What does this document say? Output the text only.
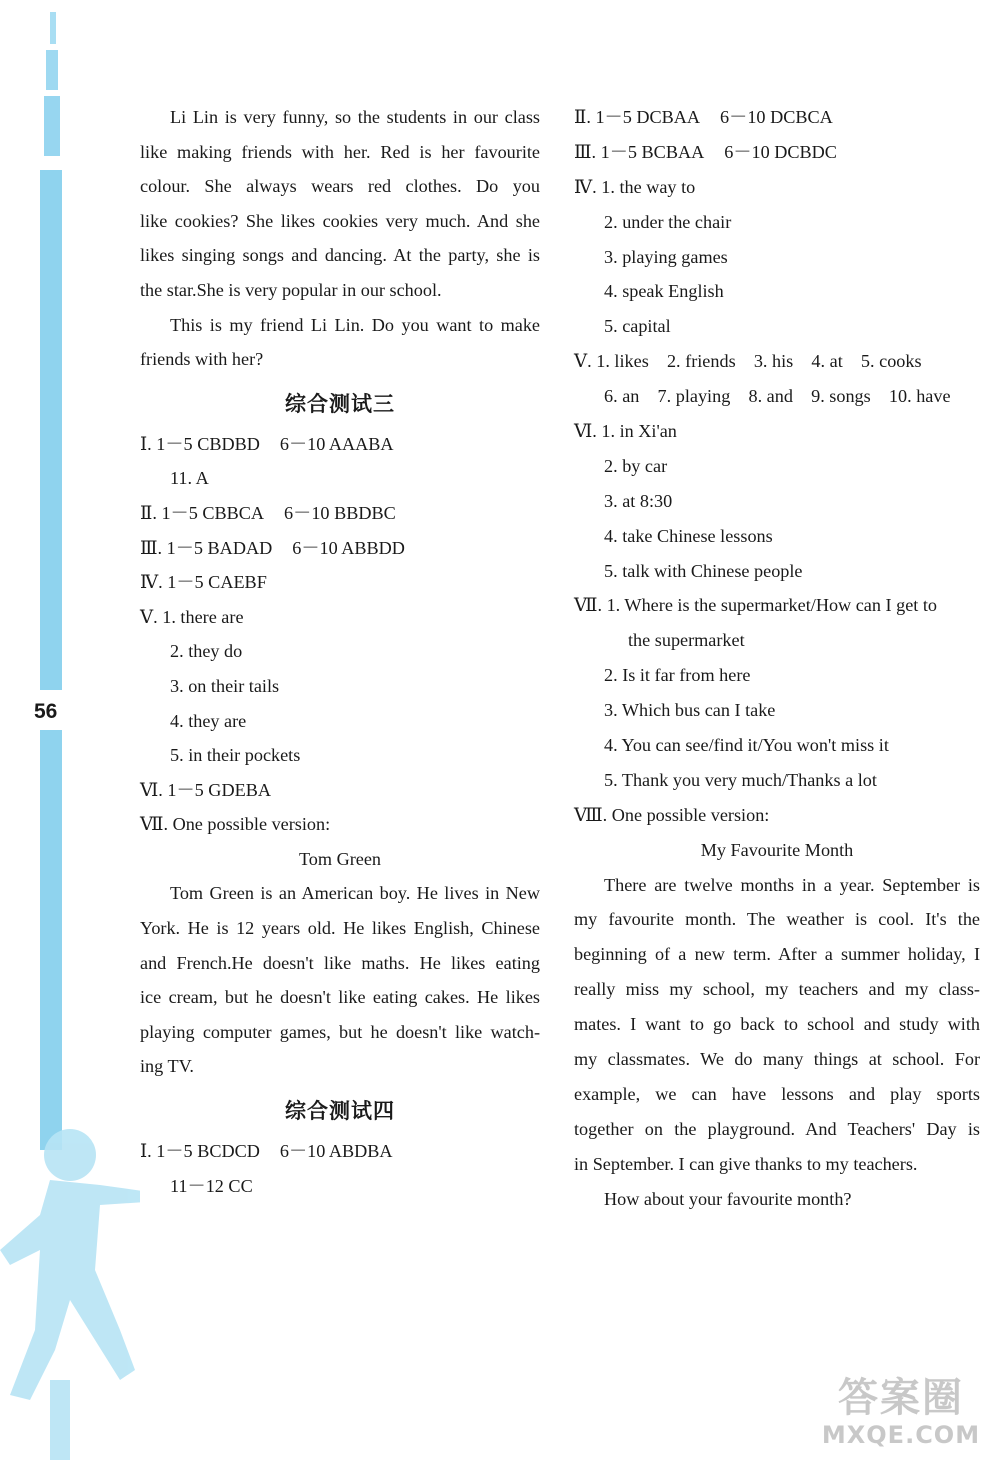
56
Li Lin is very funny, so the students in our class
like making friends with her. Red is her favourite
colour. She always wears red clothes. Do you
like cookies? She likes cookies very much. And she
likes singing songs and dancing. At the party, she is
the star.She is very popular in our school.
This is my friend Li Lin. Do you want to make
friends with her?
综合测试三
Ⅰ. 1－5 CBDBD 6－10 AAABA
11. A
Ⅱ. 1－5 CBBCA 6－10 BBDBC
Ⅲ. 1－5 BADAD 6－10 ABBDD
Ⅳ. 1－5 CAEBF
Ⅴ. 1. there are
2. they do
3. on their tails
4. they are
5. in their pockets
Ⅵ. 1－5 GDEBA
Ⅶ. One possible version:
Tom Green
Tom Green is an American boy. He lives in New
York. He is 12 years old. He likes English, Chinese
and French.He doesn't like maths. He likes eating
ice cream, but he doesn't like eating cakes. He likes
playing computer games, but he doesn't like watch-
ing TV.
综合测试四
Ⅰ. 1－5 BCDCD 6－10 ABDBA
11－12 CC
Ⅱ. 1－5 DCBAA 6－10 DCBCA
Ⅲ. 1－5 BCBAA 6－10 DCBDC
Ⅳ. 1. the way to
2. under the chair
3. playing games
4. speak English
5. capital
Ⅴ. 1. likes　2. friends　3. his　4. at　5. cooks
6. an　7. playing　8. and　9. songs　10. have
Ⅵ. 1. in Xi'an
2. by car
3. at 8:30
4. take Chinese lessons
5. talk with Chinese people
Ⅶ. 1. Where is the supermarket/How can I get to
the supermarket
2. Is it far from here
3. Which bus can I take
4. You can see/find it/You won't miss it
5. Thank you very much/Thanks a lot
Ⅷ. One possible version:
My Favourite Month
There are twelve months in a year. September is
my favourite month. The weather is cool. It's the
beginning of a new term. After a summer holiday, I
really miss my school, my teachers and my class-
mates. I want to go back to school and study with
my classmates. We do many things at school. For
example, we can have lessons and play sports
together on the playground. And Teachers' Day is
in September. I can give thanks to my teachers.
How about your favourite month?
答案圈
MXQE.COM
